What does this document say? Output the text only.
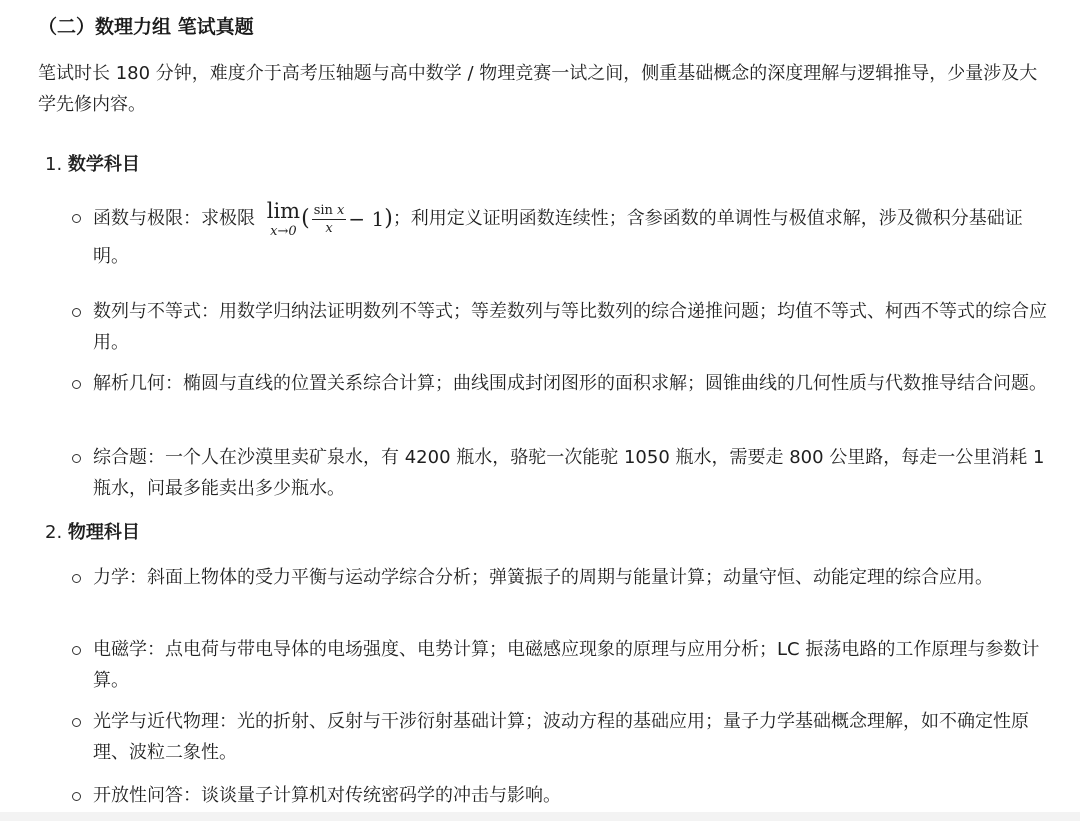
（二）数理力组 笔试真题
笔试时长 180 分钟，难度介于高考压轴题与高中数学 / 物理竞赛一试之间，侧重基础概念的深度理解与逻辑推导，少量涉及大学先修内容。
1. 数学科目
函数与极限：求极限 lim
x→0 ( $\frac{\text{sin x}}{x} - 1$)；利用定义证明函数连续性；含参函数的单调性与极值求解，涉及微积分基础证明。
数列与不等式：用数学归纳法证明数列不等式；等差数列与等比数列的综合递推问题；均值不等式、柯西不等式的综合应用。
解析几何：椭圆与直线的位置关系综合计算；曲线围成封闭图形的面积求解；圆锥曲线的几何性质与代数推导结合问题。
综合题：一个人在沙漠里卖矿泉水，有 4200 瓶水，骆驼一次能驼 1050 瓶水，需要走 800 公里路，每走一公里消耗 1 瓶水，问最多能卖出多少瓶水。
2. 物理科目
力学：斜面上物体的受力平衡与运动学综合分析；弹簧振子的周期与能量计算；动量守恒、动能定理的综合应用。
电磁学：点电荷与带电导体的电场强度、电势计算；电磁感应现象的原理与应用分析；LC 振荡电路的工作原理与参数计算。
光学与近代物理：光的折射、反射与干涉衍射基础计算；波动方程的基础应用；量子力学基础概念理解，如不确定性原理、波粒二象性。
开放性问答：谈谈量子计算机对传统密码学的冲击与影响。
